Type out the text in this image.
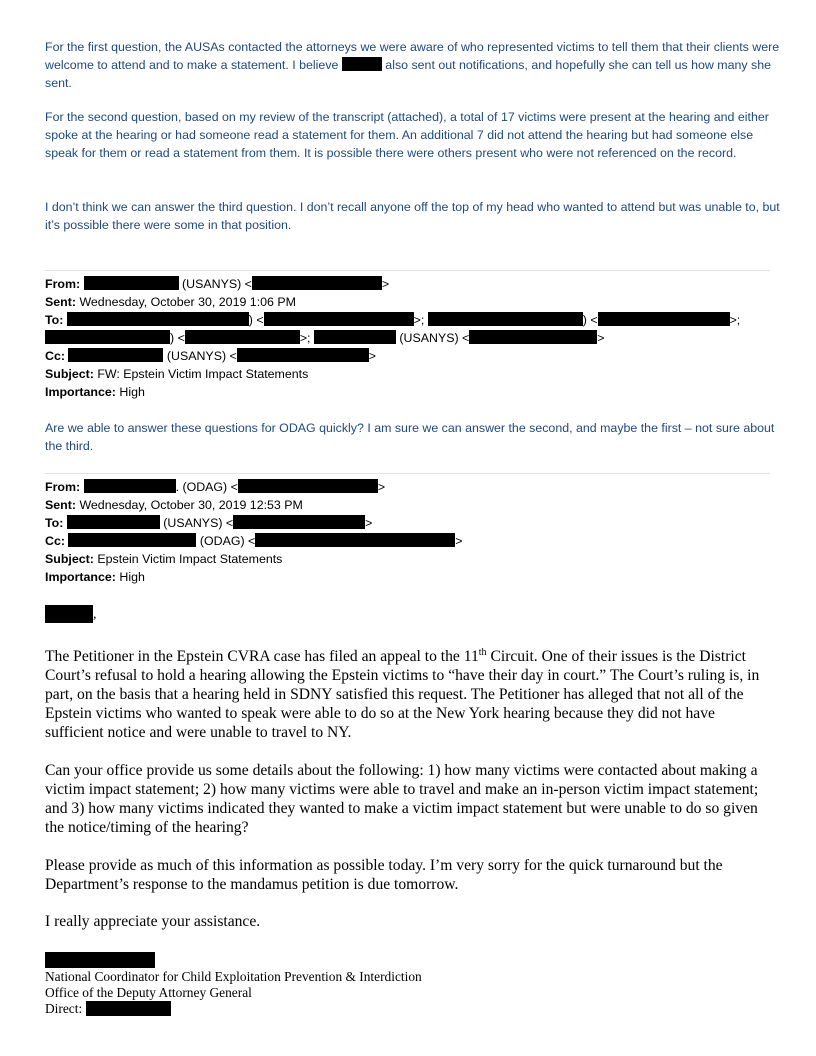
For the first question, the AUSAs contacted the attorneys we were aware of who represented victims to tell them that their clients were welcome to attend and to make a statement. I believe	also sent out notifications, and hopefully she can tell us how many she sent.

For the second question, based on my review of the transcript (attached), a total of 17 victims were present at the hearing and either spoke at the hearing or had someone read a statement for them. An additional 7 did not attend the hearing but had someone else speak for them or read a statement from them. It is possible there were others present who were not referenced on the record.

I don’t think we can answer the third question. I don’t recall anyone off the top of my head who wanted to attend but was unable to, but it’s possible there were some in that position.

From:	(USANYS) <	>
Sent: Wednesday, October 30, 2019 1:06 PM
To:	) <	>;	) <	>;
) <	>;	(USANYS) <	>
Cc:	(USANYS) <	>
Subject: FW: Epstein Victim Impact Statements
Importance: High

Are we able to answer these questions for ODAG quickly? I am sure we can answer the second, and maybe the first – not sure about the third.

From:	. (ODAG) <	>
Sent: Wednesday, October 30, 2019 12:53 PM
To:	(USANYS) <	>
Cc:	(ODAG) <	>
Subject: Epstein Victim Impact Statements
Importance: High
,

The Petitioner in the Epstein CVRA case has filed an appeal to the 11th Circuit. One of their issues is the District Court’s refusal to hold a hearing allowing the Epstein victims to “have their day in court.” The Court’s ruling is, in part, on the basis that a hearing held in SDNY satisfied this request. The Petitioner has alleged that not all of the Epstein victims who wanted to speak were able to do so at the New York hearing because they did not have sufficient notice and were unable to travel to NY.

Can your office provide us some details about the following: 1) how many victims were contacted about making a victim impact statement; 2) how many victims were able to travel and make an in-person victim impact statement; and 3) how many victims indicated they wanted to make a victim impact statement but were unable to do so given the notice/timing of the hearing?

Please provide as much of this information as possible today. I’m very sorry for the quick turnaround but the Department’s response to the mandamus petition is due tomorrow.

I really appreciate your assistance.

National Coordinator for Child Exploitation Prevention & Interdiction
Office of the Deputy Attorney General
Direct:
